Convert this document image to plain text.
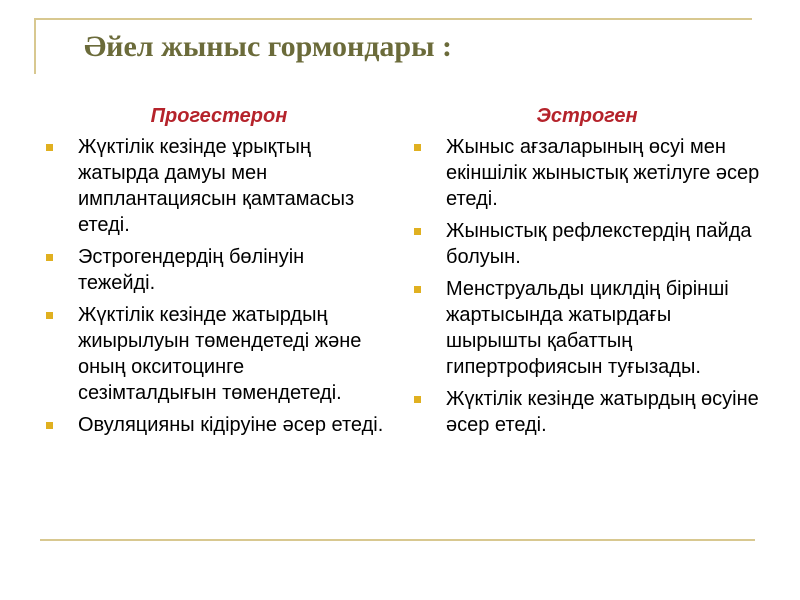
Әйел жыныс гормондары :
Прогестерон
Жүктілік кезінде ұрықтың жатырда дамуы мен имплантациясын қамтамасыз етеді.
Эстрогендердің бөлінуін тежейді.
Жүктілік кезінде жатырдың жиырылуын төмендетеді және оның окситоцинге сезімталдығын төмендетеді.
Овуляцияны кідіруіне әсер етеді.
Эстроген
Жыныс ағзаларының өсуі мен екіншілік жыныстық жетілуге әсер етеді.
Жыныстық рефлекстердің пайда болуын.
Менструальды циклдің бірінші жартысында жатырдағы шырышты қабаттың гипертрофиясын туғызады.
Жүктілік кезінде жатырдың өсуіне әсер етеді.
